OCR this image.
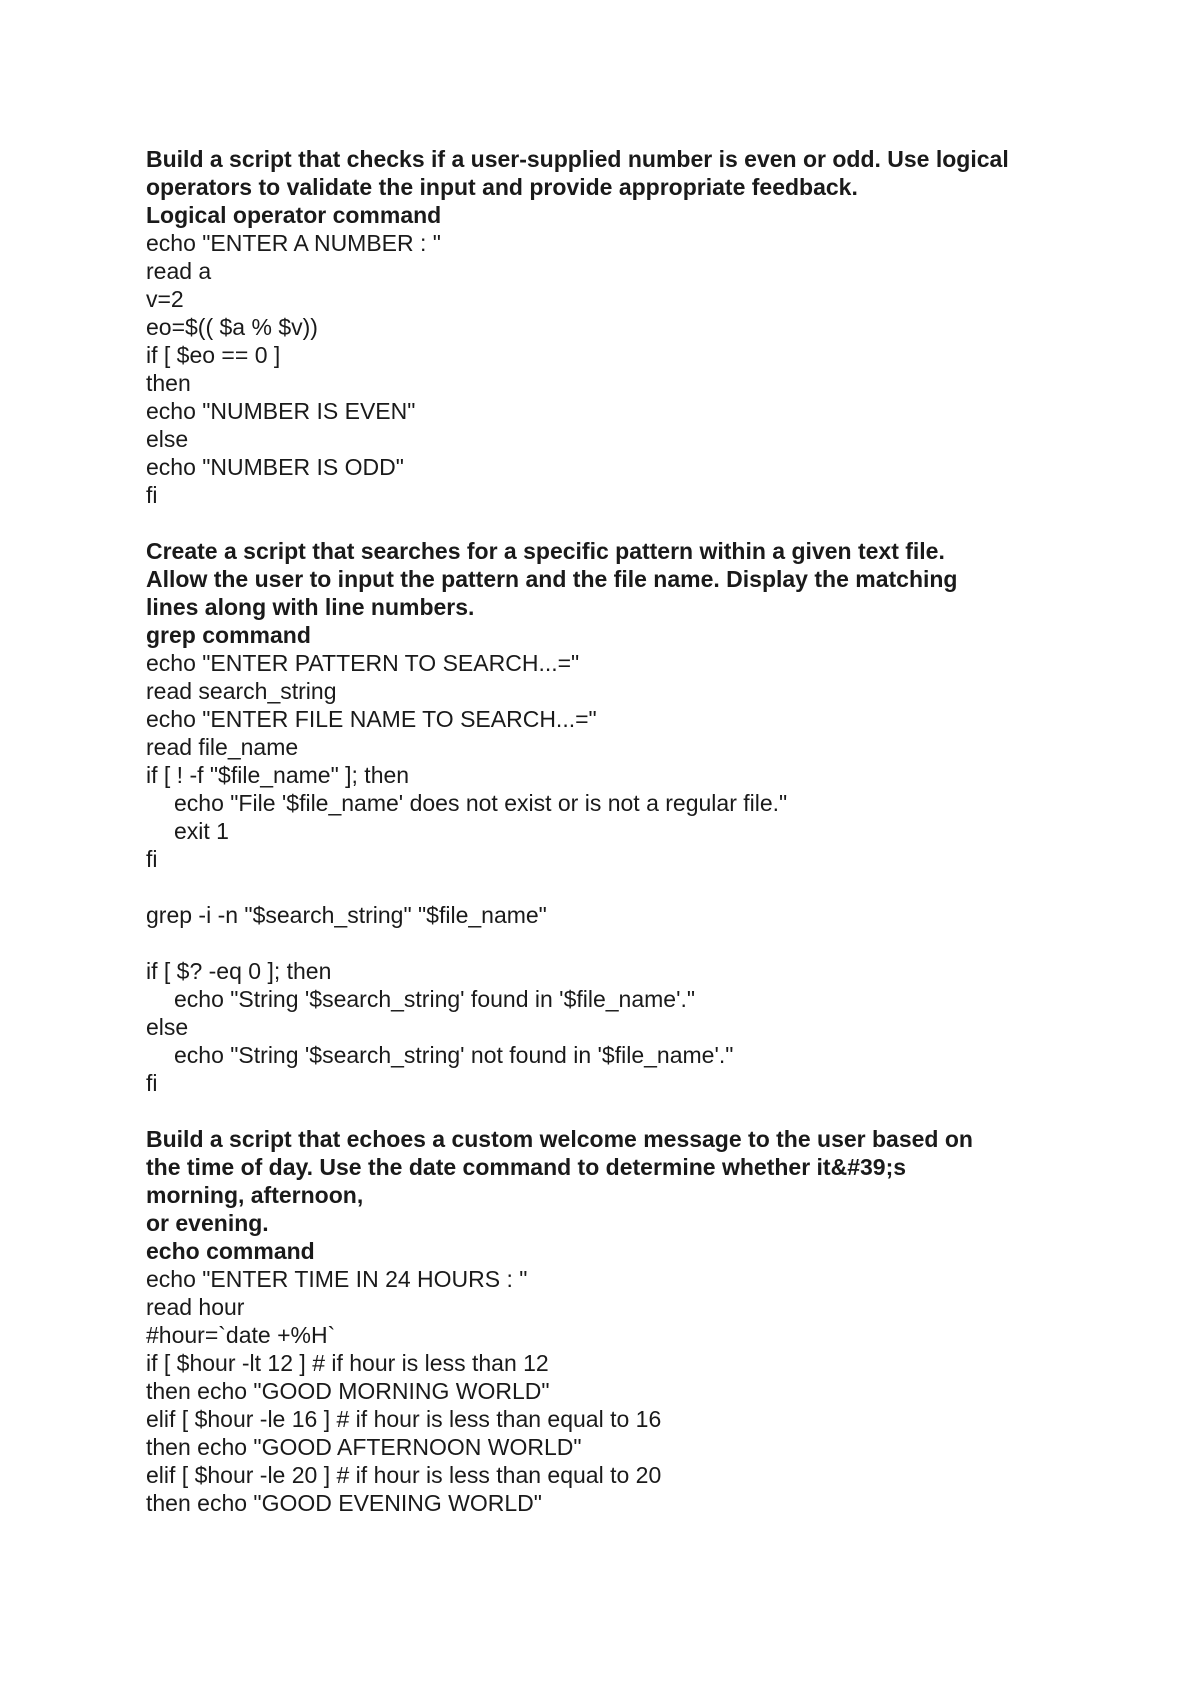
Build a script that checks if a user-supplied number is even or odd. Use logical

operators to validate the input and provide appropriate feedback.

Logical operator command

echo "ENTER A NUMBER : "

read a

v=2

eo=$(( $a % $v))

if [ $eo == 0 ]

then

echo "NUMBER IS EVEN"

else

echo "NUMBER IS ODD"

fi

Create a script that searches for a specific pattern within a given text file.

Allow the user to input the pattern and the file name. Display the matching

lines along with line numbers.

grep command

echo "ENTER PATTERN TO SEARCH...="

read search_string

echo "ENTER FILE NAME TO SEARCH...="

read file_name

if [ ! -f "$file_name" ]; then

echo "File '$file_name' does not exist or is not a regular file."

exit 1

fi

grep -i -n "$search_string" "$file_name"

if [ $? -eq 0 ]; then

echo "String '$search_string' found in '$file_name'."

else

echo "String '$search_string' not found in '$file_name'."

fi

Build a script that echoes a custom welcome message to the user based on

the time of day. Use the date command to determine whether it&#39;s

morning, afternoon,

or evening.

echo command

echo "ENTER TIME IN 24 HOURS : "

read hour

#hour=`date +%H`

if [ $hour -lt 12 ] # if hour is less than 12

then echo "GOOD MORNING WORLD"

elif [ $hour -le 16 ] # if hour is less than equal to 16

then echo "GOOD AFTERNOON WORLD"

elif [ $hour -le 20 ] # if hour is less than equal to 20

then echo "GOOD EVENING WORLD"
